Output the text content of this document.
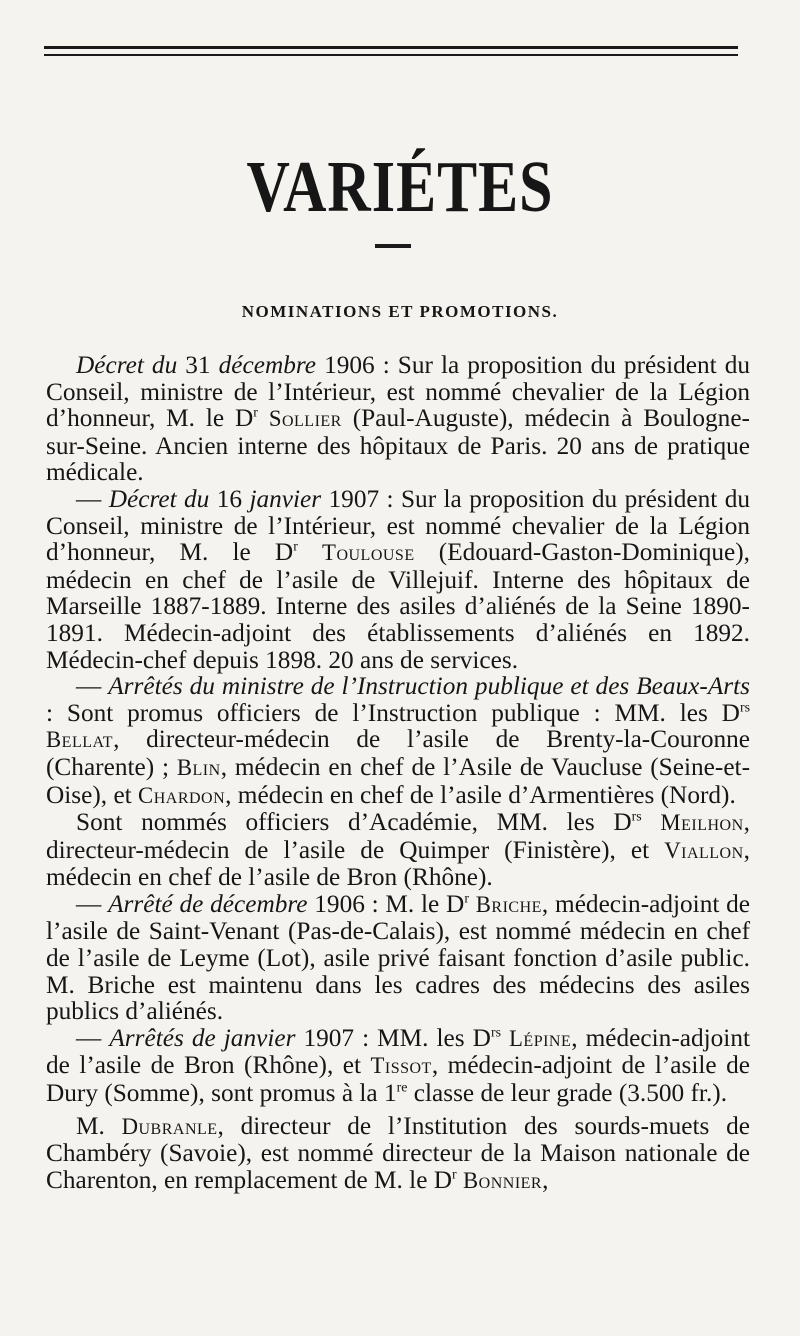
VARIÉTES
NOMINATIONS ET PROMOTIONS.

Décret du 31 décembre 1906 : Sur la proposition du président du Conseil, ministre de l’Intérieur, est nommé chevalier de la Légion d’honneur, M. le $D^r$ Sollier (Paul-Auguste), médecin à Boulogne-sur-Seine. Ancien interne des hôpitaux de Paris. 20 ans de pratique médicale.

— Décret du 16 janvier 1907 : Sur la proposition du président du Conseil, ministre de l’Intérieur, est nommé chevalier de la Légion d’honneur, M. le $D^r$ Toulouse (Edouard-Gaston-Dominique), médecin en chef de l’asile de Villejuif. Interne des hôpitaux de Marseille 1887-1889. Interne des asiles d’aliénés de la Seine 1890-1891. Médecin-adjoint des établissements d’aliénés en 1892. Médecin-chef depuis 1898. 20 ans de services.

— Arrêtés du ministre de l’Instruction publique et des Beaux-Arts : Sont promus officiers de l’Instruction publique : MM. les $D^{rs}$ Bellat, directeur-médecin de l’asile de Brenty-la-Couronne (Charente) ; Blin, médecin en chef de l’Asile de Vaucluse (Seine-et-Oise), et Chardon, médecin en chef de l’asile d’Armentières (Nord).

Sont nommés officiers d’Académie, MM. les $D^{rs}$ Meilhon, directeur-médecin de l’asile de Quimper (Finistère), et Viallon, médecin en chef de l’asile de Bron (Rhône).

— Arrêté de décembre 1906 : M. le $D^r$ Briche, médecin-adjoint de l’asile de Saint-Venant (Pas-de-Calais), est nommé médecin en chef de l’asile de Leyme (Lot), asile privé faisant fonction d’asile public. M. Briche est maintenu dans les cadres des médecins des asiles publics d’aliénés.

— Arrêtés de janvier 1907 : MM. les $D^{rs}$ Lépine, médecin-adjoint de l’asile de Bron (Rhône), et Tissot, médecin-adjoint de l’asile de Dury (Somme), sont promus à la 1re classe de leur grade (3.500 fr.).

M. Dubranle, directeur de l’Institution des sourds-muets de Chambéry (Savoie), est nommé directeur de la Maison nationale de Charenton, en remplacement de M. le $D^r$ Bonnier,
